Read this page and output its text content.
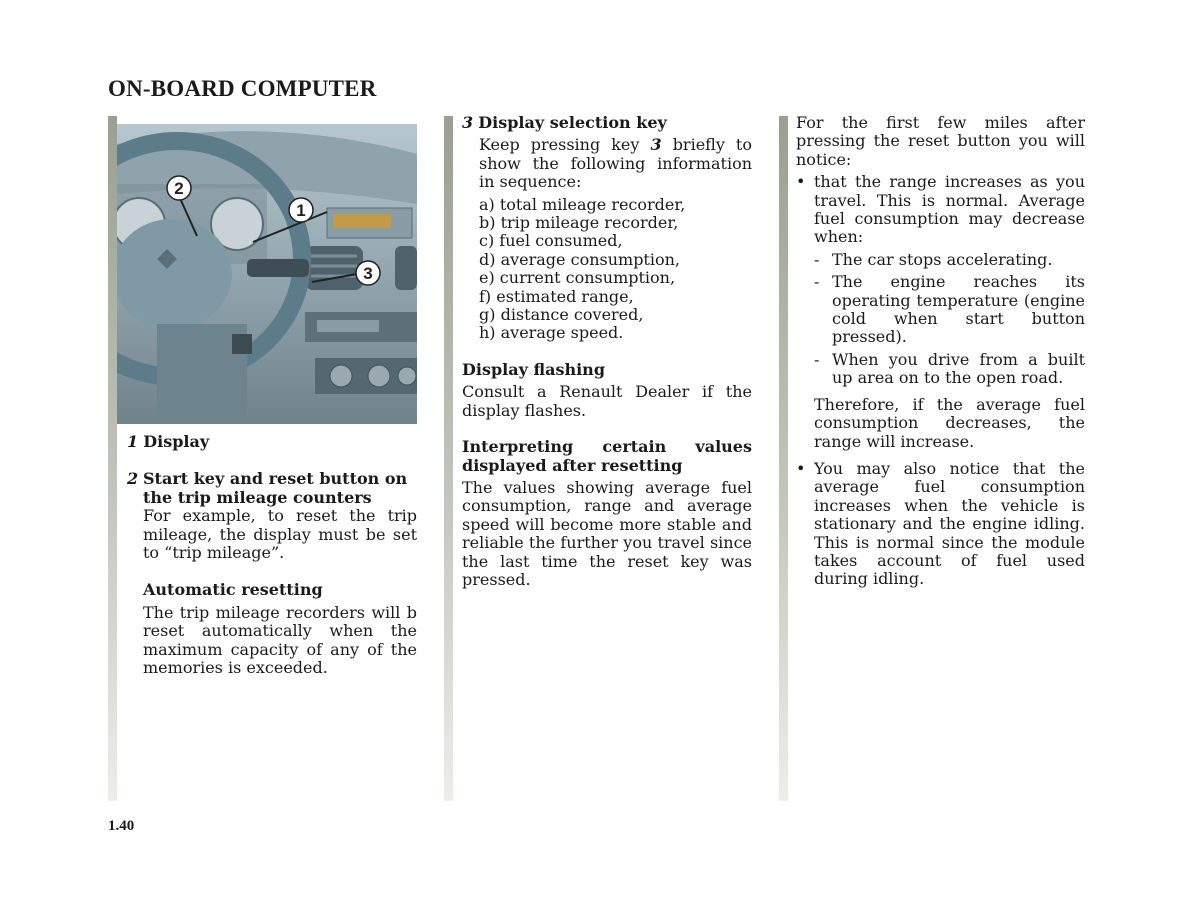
ON-BOARD COMPUTER
2
1
3

1 Display

2 Start key and reset button on the trip mileage counters

For example, to reset the trip mileage, the display must be set to “trip mileage”.

Automatic resetting

The trip mileage recorders will b reset automatically when the maximum capacity of any of the memories is exceeded.

3 Display selection key

Keep pressing key 3 briefly to show the following information in sequence:

a) total mileage recorder,

b) trip mileage recorder,

c) fuel consumed,

d) average consumption,

e) current consumption,

f) estimated range,

g) distance covered,

h) average speed.

Display flashing

Consult a Renault Dealer if the display flashes.

Interpreting certain values displayed after resetting

The values showing average fuel consumption, range and average speed will become more stable and reliable the further you travel since the last time the reset key was pressed.

For the first few miles after pressing the reset button you will notice:

• that the range increases as you travel. This is normal. Average fuel consumption may decrease when:

- The car stops accelerating.

- The engine reaches its operating temperature (engine cold when start button pressed).

- When you drive from a built up area on to the open road.

Therefore, if the average fuel consumption decreases, the range will increase.

• You may also notice that the average fuel consumption increases when the vehicle is stationary and the engine idling. This is normal since the module takes account of fuel used during idling.

1.40
